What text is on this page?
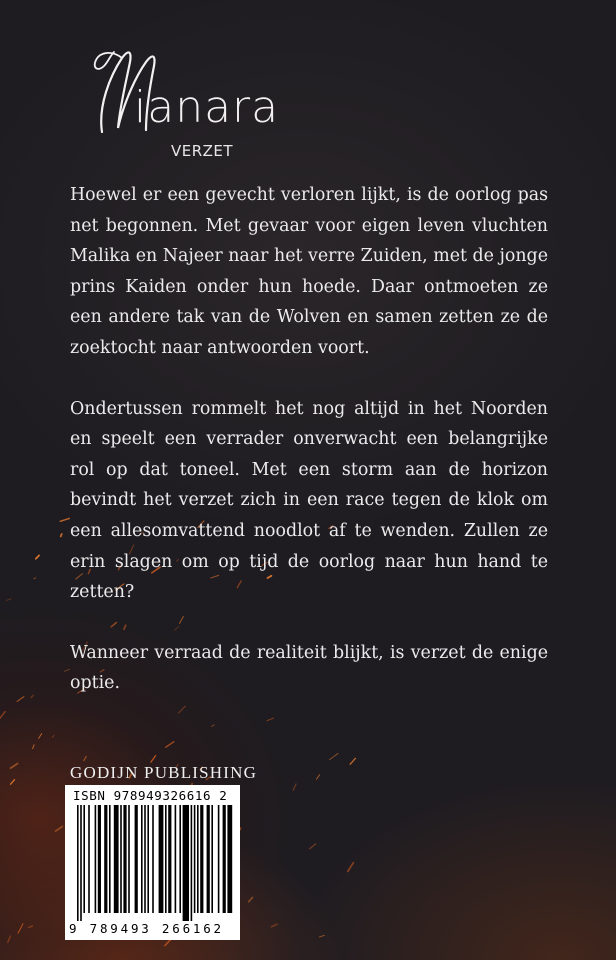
ianara
VERZET

Hoewel er een gevecht verloren lijkt, is de oorlog pas net begonnen. Met gevaar voor eigen leven vluchten Malika en Najeer naar het verre Zuiden, met de jonge prins Kaiden onder hun hoede. Daar ontmoeten ze een andere tak van de Wolven en samen zetten ze de zoektocht naar antwoorden voort.

Ondertussen rommelt het nog altijd in het Noorden en speelt een verrader onverwacht een belangrijke rol op dat toneel. Met een storm aan de horizon bevindt het verzet zich in een race tegen de klok om een allesomvattend noodlot af te wenden. Zullen ze erin slagen om op tijd de oorlog naar hun hand te zetten?

Wanneer verraad de realiteit blijkt, is verzet de enige optie.

GODIJN PUBLISHING
ISBN 978949326616 2
9 789493 266162
